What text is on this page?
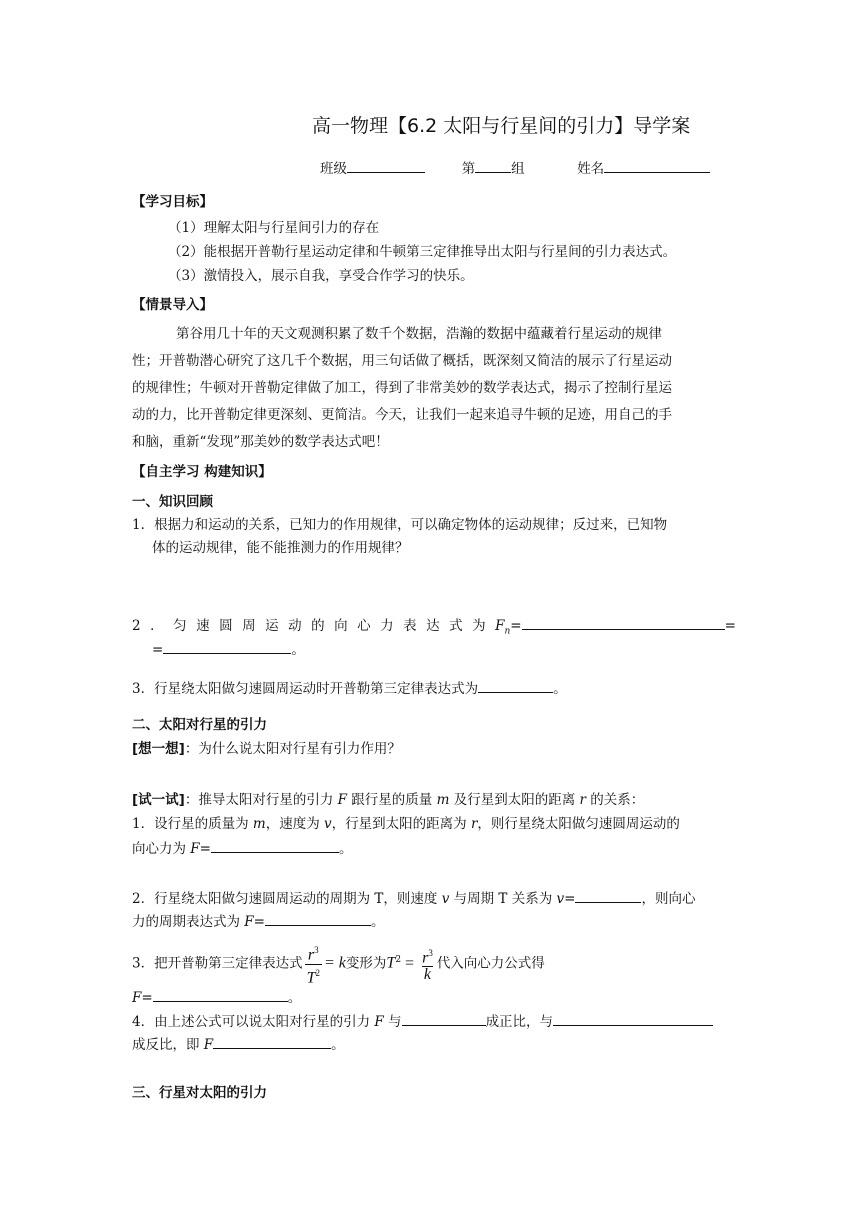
高一物理【6.2 太阳与行星间的引力】导学案
班级	第	组	姓名
【学习目标】
（1）理解太阳与行星间引力的存在
（2）能根据开普勒行星运动定律和牛顿第三定律推导出太阳与行星间的引力表达式。
（3）激情投入，展示自我，享受合作学习的快乐。
【情景导入】
第谷用几十年的天文观测积累了数千个数据，浩瀚的数据中蕴藏着行星运动的规律
性；开普勒潜心研究了这几千个数据，用三句话做了概括，既深刻又简洁的展示了行星运动
的规律性；牛顿对开普勒定律做了加工，得到了非常美妙的数学表达式，揭示了控制行星运
动的力，比开普勒定律更深刻、更简洁。今天，让我们一起来追寻牛顿的足迹，用自己的手
和脑，重新“发现”那美妙的数学表达式吧！
【自主学习 构建知识】
一、知识回顾
1．根据力和运动的关系，已知力的作用规律，可以确定物体的运动规律；反过来，已知物
体的运动规律，能不能推测力的作用规律？
2．匀速圆周运动的向心力表达式为$F_n=$	=
=	。
3．行星绕太阳做匀速圆周运动时开普勒第三定律表达式为	。
二、太阳对行星的引力
[想一想]：为什么说太阳对行星有引力作用？
[试一试]：推导太阳对行星的引力 F 跟行星的质量 m 及行星到太阳的距离 r 的关系：
1．设行星的质量为 m，速度为 v，行星到太阳的距离为 r，则行星绕太阳做匀速圆周运动的
向心力为 F=	。
2．行星绕太阳做匀速圆周运动的周期为 T，则速度 v 与周期 T 关系为 v=	，则向心
力的周期表达式为 F=	。
3．把开普勒第三定律表达式 $\frac{r^3}{T^2} = k$变形为$T^2 = \frac{r^3}{k}$ 代入向心力公式得
F=	。
4．由上述公式可以说太阳对行星的引力 F 与	成正比，与
成反比，即 F	。
三、行星对太阳的引力
